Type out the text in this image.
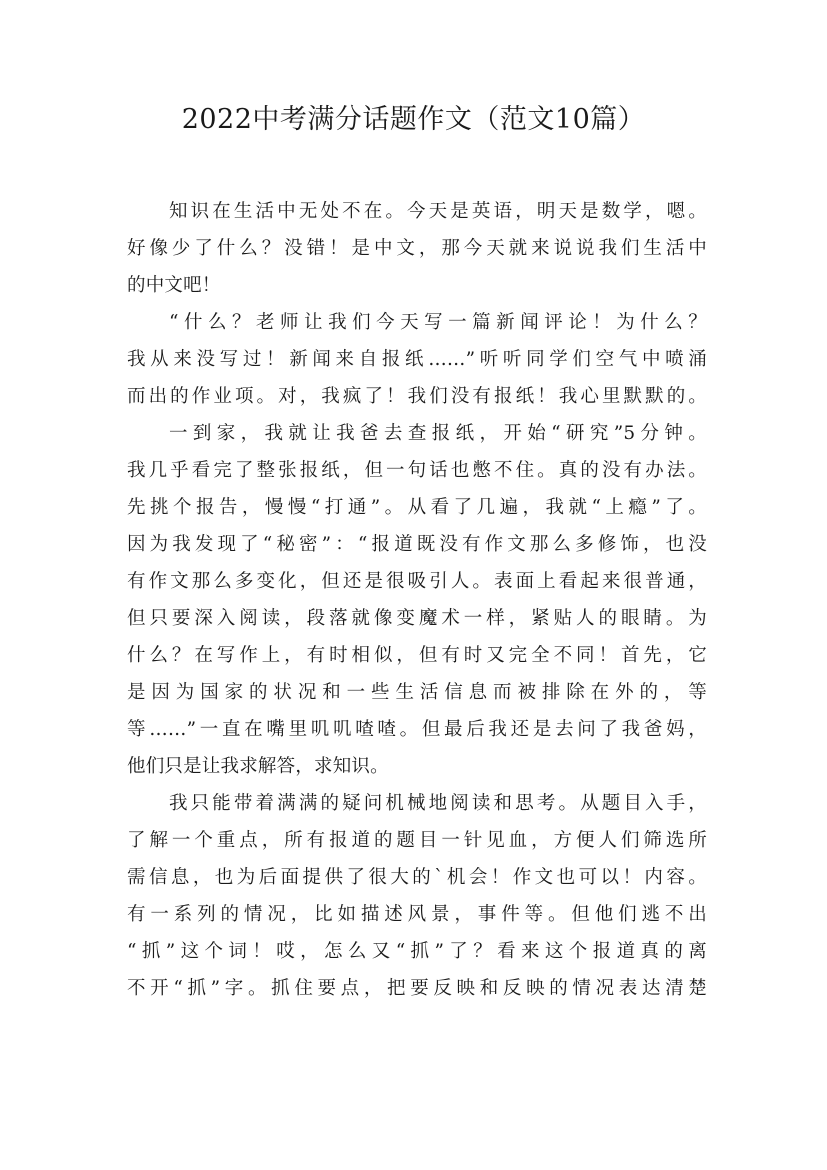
2022中考满分话题作文（范文10篇）
知识在生活中无处不在。今天是英语，明天是数学，嗯。
好像少了什么？没错！是中文，那今天就来说说我们生活中
的中文吧！
“什么？老师让我们今天写一篇新闻评论！为什么？
我从来没写过！新闻来自报纸……”听听同学们空气中喷涌
而出的作业项。对，我疯了！我们没有报纸！我心里默默的。
一到家，我就让我爸去查报纸，开始“研究”5分钟。
我几乎看完了整张报纸，但一句话也憋不住。真的没有办法。
先挑个报告，慢慢“打通”。从看了几遍，我就“上瘾”了。
因为我发现了“秘密”：“报道既没有作文那么多修饰，也没
有作文那么多变化，但还是很吸引人。表面上看起来很普通，
但只要深入阅读，段落就像变魔术一样，紧贴人的眼睛。为
什么？在写作上，有时相似，但有时又完全不同！首先，它
是因为国家的状况和一些生活信息而被排除在外的，等
等……”一直在嘴里叽叽喳喳。但最后我还是去问了我爸妈，
他们只是让我求解答，求知识。
我只能带着满满的疑问机械地阅读和思考。从题目入手，
了解一个重点，所有报道的题目一针见血，方便人们筛选所
需信息，也为后面提供了很大的`机会！作文也可以！内容。
有一系列的情况，比如描述风景，事件等。但他们逃不出
“抓”这个词！哎，怎么又“抓”了？看来这个报道真的离
不开“抓”字。抓住要点，把要反映和反映的情况表达清楚
